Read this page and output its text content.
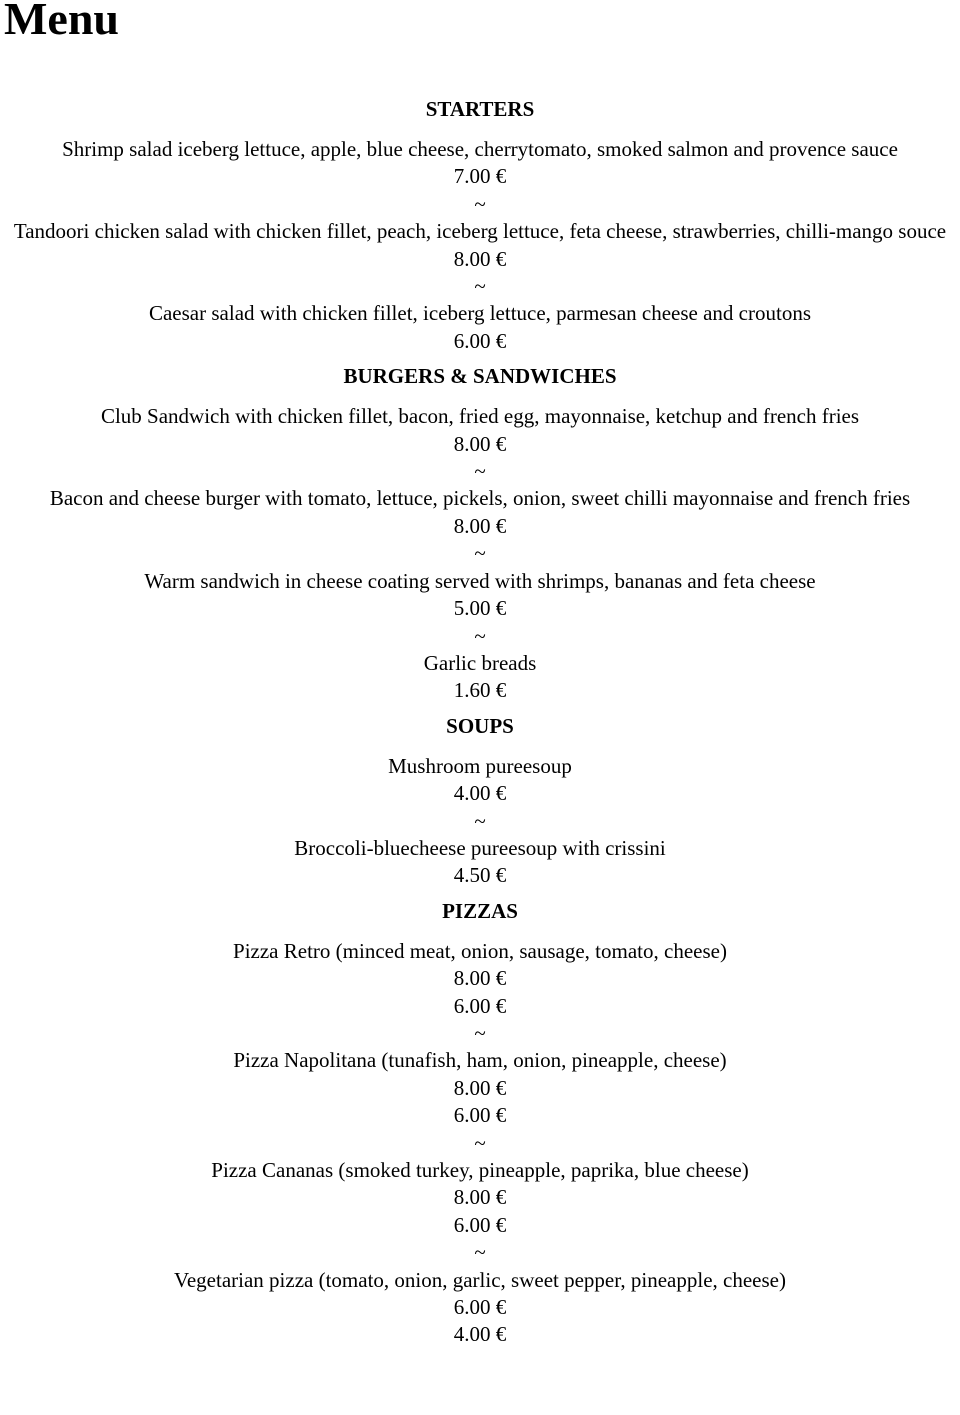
Menu
STARTERS
Shrimp salad iceberg lettuce, apple, blue cheese, cherrytomato, smoked salmon and provence sauce
7.00 €
~
Tandoori chicken salad with chicken fillet, peach, iceberg lettuce, feta cheese, strawberries, chilli-mango souce
8.00 €
~
Caesar salad with chicken fillet, iceberg lettuce, parmesan cheese and croutons
6.00 €
BURGERS & SANDWICHES
Club Sandwich with chicken fillet, bacon, fried egg, mayonnaise, ketchup and french fries
8.00 €
~
Bacon and cheese burger with tomato, lettuce, pickels, onion, sweet chilli mayonnaise and french fries
8.00 €
~
Warm sandwich in cheese coating served with shrimps, bananas and feta cheese
5.00 €
~
Garlic breads
1.60 €
SOUPS
Mushroom pureesoup
4.00 €
~
Broccoli-bluecheese pureesoup with crissini
4.50 €
PIZZAS
Pizza Retro (minced meat, onion, sausage, tomato, cheese)
8.00 €
6.00 €
~
Pizza Napolitana (tunafish, ham, onion, pineapple, cheese)
8.00 €
6.00 €
~
Pizza Cananas (smoked turkey, pineapple, paprika, blue cheese)
8.00 €
6.00 €
~
Vegetarian pizza (tomato, onion, garlic, sweet pepper, pineapple, cheese)
6.00 €
4.00 €
